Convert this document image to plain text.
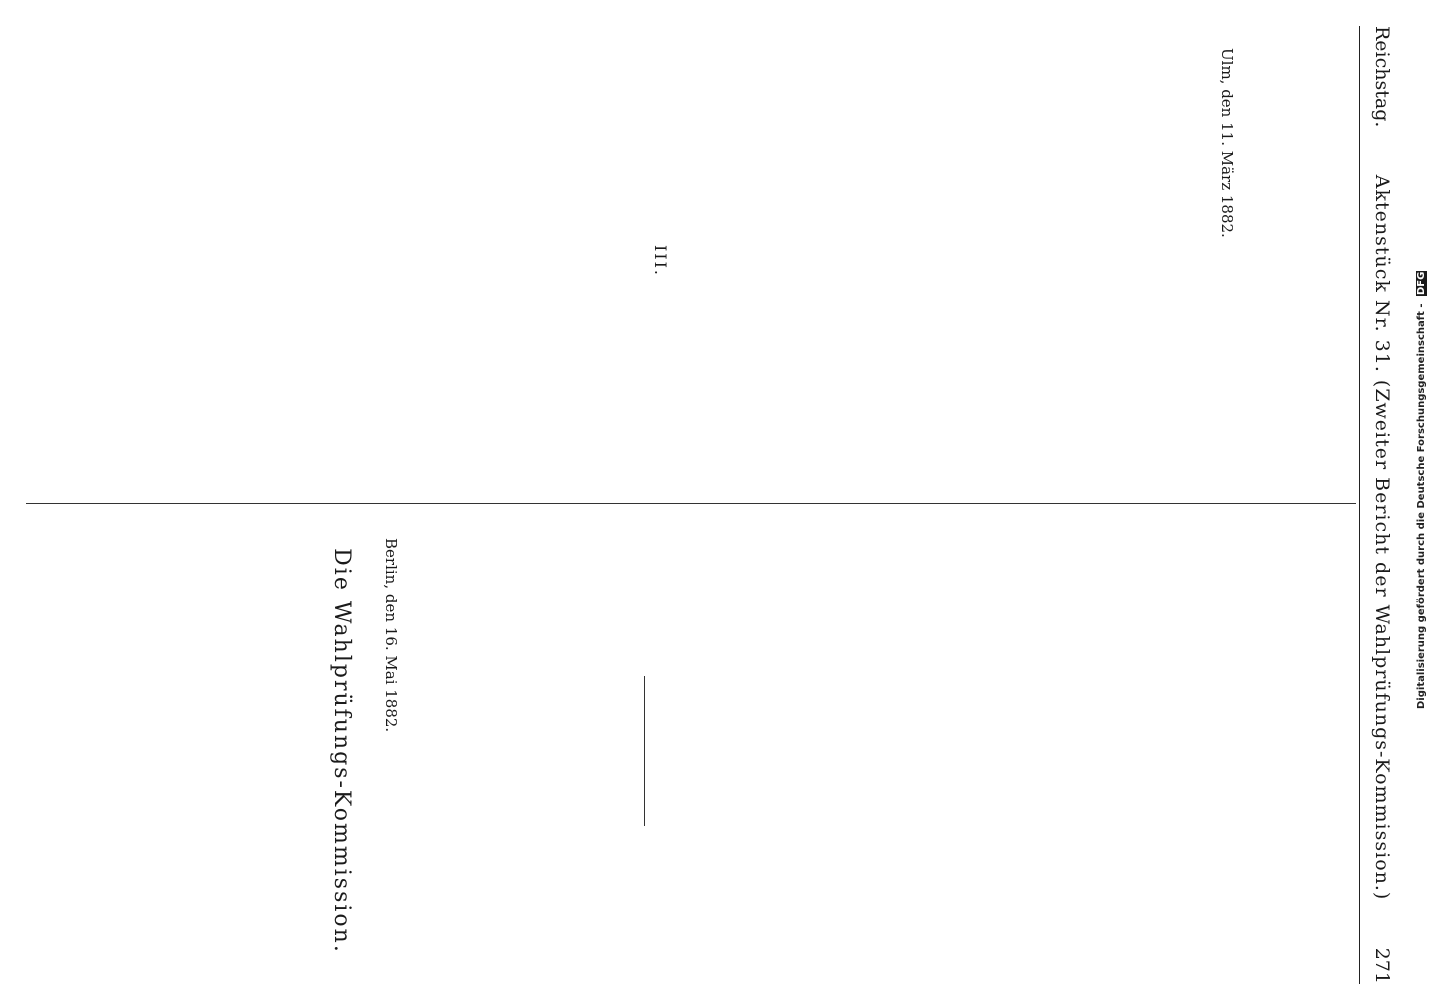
Reichstag.
Aktenstück Nr. 31. (Zweiter Bericht der Wahlprüfungs-Kommission.)
271

Ulm, den 11. März 1882.

III.

Berlin, den 16. Mai 1882.
Die Wahlprüfungs-Kommission.

Digitalisierung gefördert durch die Deutsche Forschungsgemeinschaft - DFG
